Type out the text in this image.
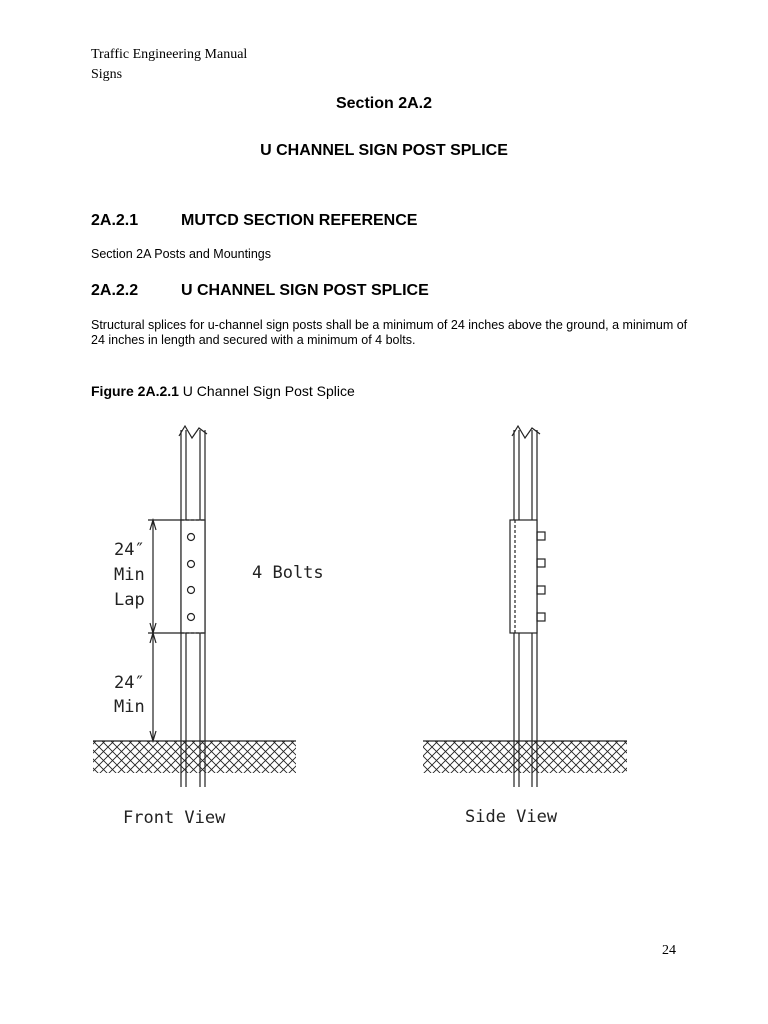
Traffic Engineering Manual
Signs
Section 2A.2
U CHANNEL SIGN POST SPLICE
2A.2.1	MUTCD SECTION REFERENCE
Section 2A Posts and Mountings
2A.2.2	U CHANNEL SIGN POST SPLICE
Structural splices for u-channel sign posts shall be a minimum of 24 inches above the ground, a minimum of 24 inches in length and secured with a minimum of 4 bolts.
Figure 2A.2.1 U Channel Sign Post Splice
24″
Min
Lap
24″
Min
4 Bolts
Front View	Side View
24
